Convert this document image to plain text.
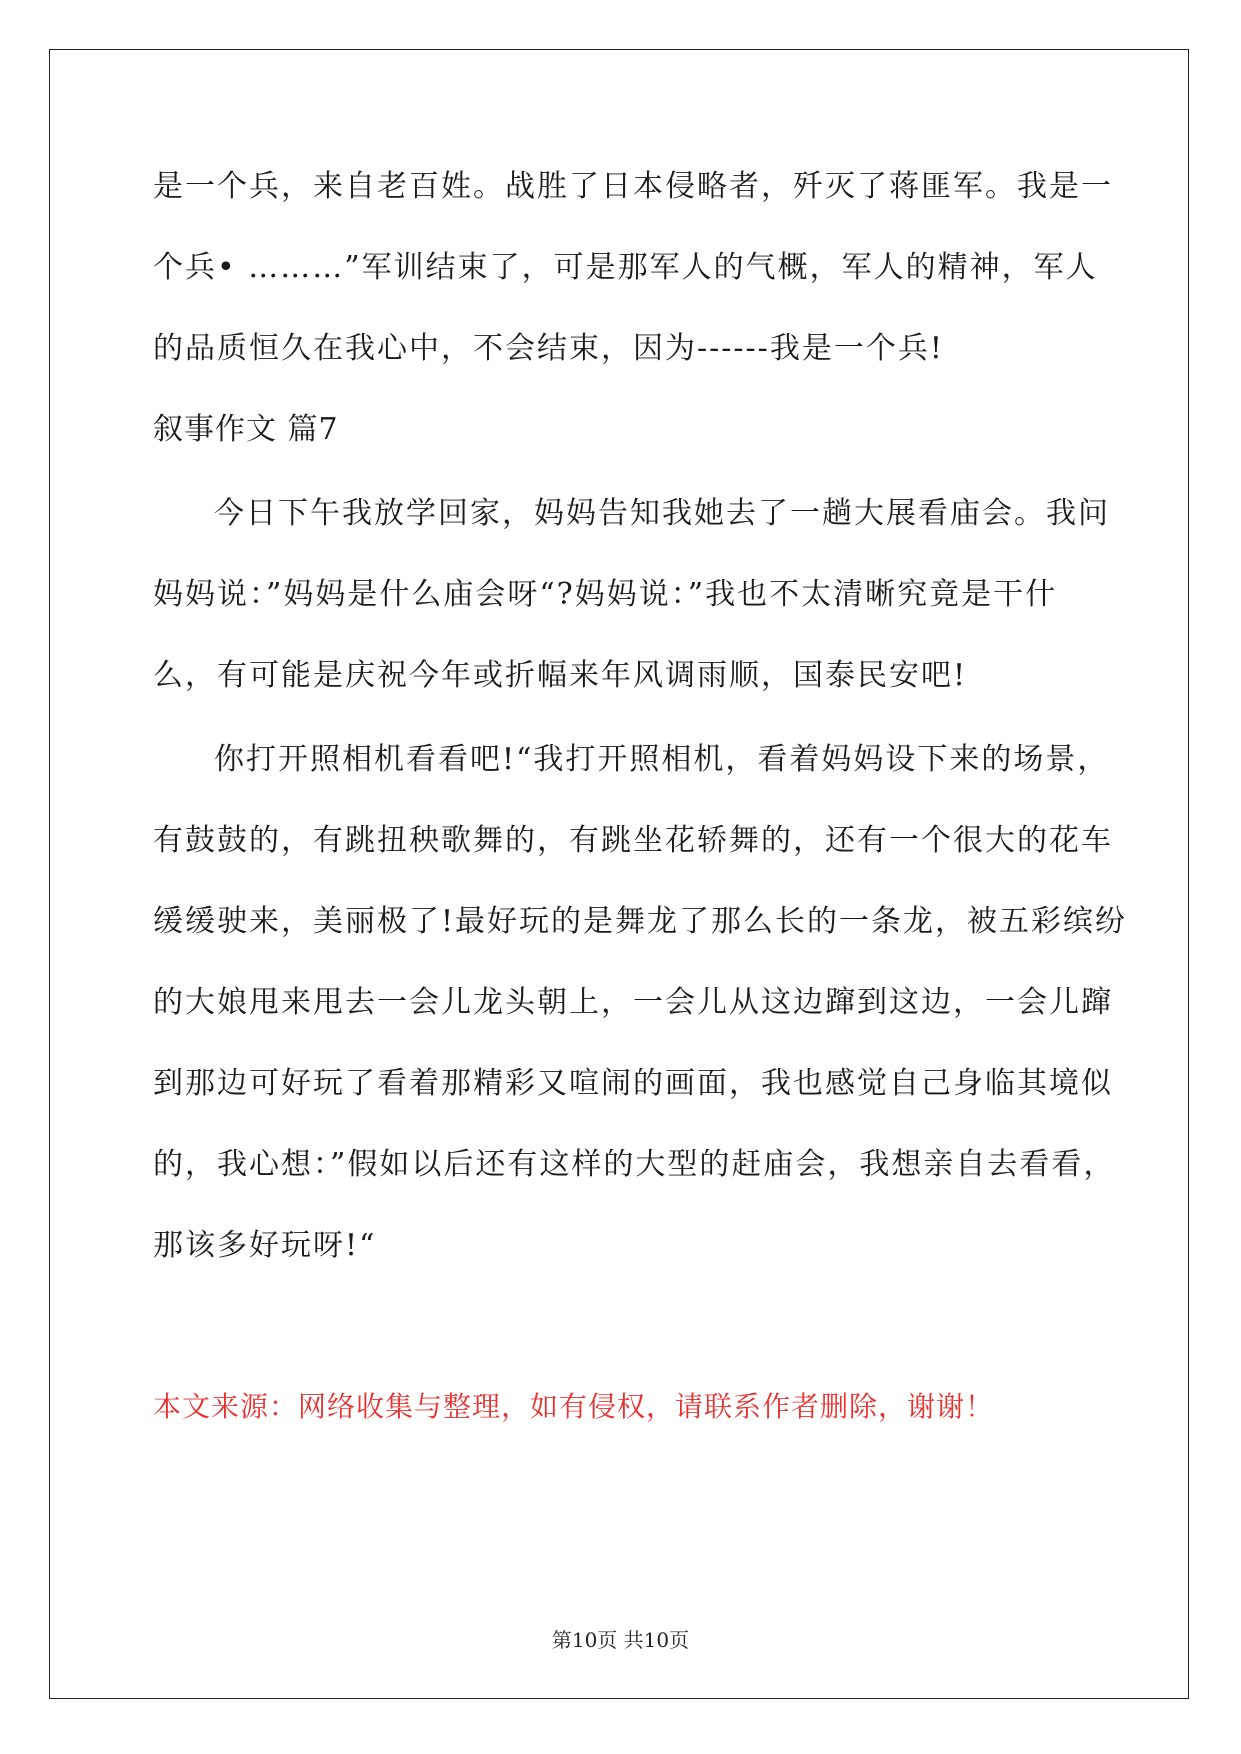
是一个兵，来自老百姓。战胜了日本侵略者，歼灭了蒋匪军。我是一
个兵• ………”军训结束了，可是那军人的气概，军人的精神，军人
的品质恒久在我心中，不会结束，因为------我是一个兵!
叙事作文 篇7
今日下午我放学回家，妈妈告知我她去了一趟大展看庙会。我问
妈妈说：”妈妈是什么庙会呀“?妈妈说：”我也不太清晰究竟是干什
么，有可能是庆祝今年或折幅来年风调雨顺，国泰民安吧!
你打开照相机看看吧!“我打开照相机，看着妈妈设下来的场景，
有鼓鼓的，有跳扭秧歌舞的，有跳坐花轿舞的，还有一个很大的花车
缓缓驶来，美丽极了!最好玩的是舞龙了那么长的一条龙，被五彩缤纷
的大娘甩来甩去一会儿龙头朝上，一会儿从这边蹿到这边，一会儿蹿
到那边可好玩了看着那精彩又喧闹的画面，我也感觉自己身临其境似
的，我心想：”假如以后还有这样的大型的赶庙会，我想亲自去看看，
那该多好玩呀!“
本文来源：网络收集与整理，如有侵权，请联系作者删除，谢谢！
第10页 共10页
